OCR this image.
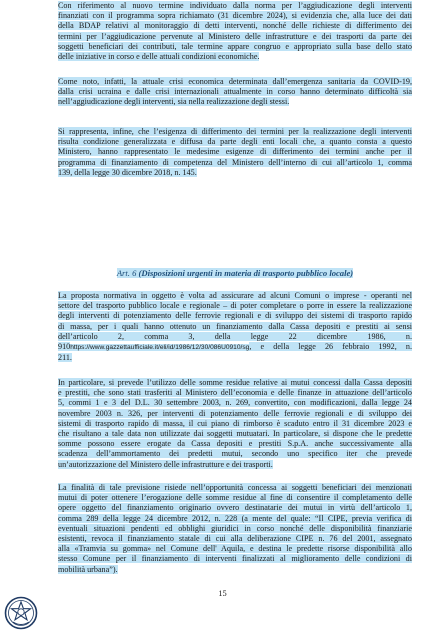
Con riferimento al nuovo termine individuato dalla norma per l’aggiudicazione degli interventi
finanziati con il programma sopra richiamato (31 dicembre 2024), si evidenzia che, alla luce dei dati
della BDAP relativi al monitoraggio di detti interventi, nonché delle richieste di differimento dei
termini per l’aggiudicazione pervenute al Ministero delle infrastrutture e dei trasporti da parte dei
soggetti beneficiari dei contributi, tale termine appare congruo e appropriato sulla base dello stato
delle iniziative in corso e delle attuali condizioni economiche.
Come noto, infatti, la attuale crisi economica determinata dall’emergenza sanitaria da COVID-19,
dalla crisi ucraina e dalle crisi internazionali attualmente in corso hanno determinato difficoltà sia
nell’aggiudicazione degli interventi, sia nella realizzazione degli stessi.
Si rappresenta, infine, che l’esigenza di differimento dei termini per la realizzazione degli interventi
risulta condizione generalizzata e diffusa da parte degli enti locali che, a quanto consta a questo
Ministero, hanno rappresentato le medesime esigenze di differimento dei termini anche per il
programma di finanziamento di competenza del Ministero dell’interno di cui all’articolo 1, comma
139, della legge 30 dicembre 2018, n. 145.
Art. 6 (Disposizioni urgenti in materia di trasporto pubblico locale)
La proposta normativa in oggetto è volta ad assicurare ad alcuni Comuni o imprese - operanti nel
settore del trasporto pubblico locale e regionale – di poter completare o porre in essere la realizzazione
degli interventi di potenziamento delle ferrovie regionali e di sviluppo dei sistemi di trasporto rapido
di massa, per i quali hanno ottenuto un finanziamento dalla Cassa depositi e prestiti ai sensi
dell’articolo 2, comma 3, della legge 22 dicembre 1986, n.
910https://www.gazzettaufficiale.it/eli/id/1986/12/30/086U0910/sg, e della legge 26 febbraio 1992, n.
211.
In particolare, si prevede l’utilizzo delle somme residue relative ai mutui concessi dalla Cassa depositi
e prestiti, che sono stati trasferiti al Ministero dell’economia e delle finanze in attuazione dell’articolo
5, commi 1 e 3 del D.L. 30 settembre 2003, n. 269, convertito, con modificazioni, dalla legge 24
novembre 2003 n. 326, per interventi di potenziamento delle ferrovie regionali e di sviluppo dei
sistemi di trasporto rapido di massa, il cui piano di rimborso è scaduto entro il 31 dicembre 2023 e
che risultano a tale data non utilizzate dai soggetti mutuatari. In particolare, si dispone che le predette
somme possono essere erogate da Cassa depositi e prestiti S.p.A. anche successivamente alla
scadenza dell’ammortamento dei predetti mutui, secondo uno specifico iter che prevede
un’autorizzazione del Ministero delle infrastrutture e dei trasporti.
La finalità di tale previsione risiede nell’opportunità concessa ai soggetti beneficiari dei menzionati
mutui di poter ottenere l’erogazione delle somme residue al fine di consentire il completamento delle
opere oggetto del finanziamento originario ovvero destinatarie dei mutui in virtù dell’articolo 1,
comma 289 della legge 24 dicembre 2012, n. 228 (a mente del quale: “Il CIPE, previa verifica di
eventuali situazioni pendenti ed obblighi giuridici in corso nonché delle disponibilità finanziarie
esistenti, revoca il finanziamento statale di cui alla deliberazione CIPE n. 76 del 2001, assegnato
alla «Tramvia su gomma» nel Comune dell' Aquila, e destina le predette risorse disponibilità allo
stesso Comune per il finanziamento di interventi finalizzati al miglioramento delle condizioni di
mobilità urbana”).
15
